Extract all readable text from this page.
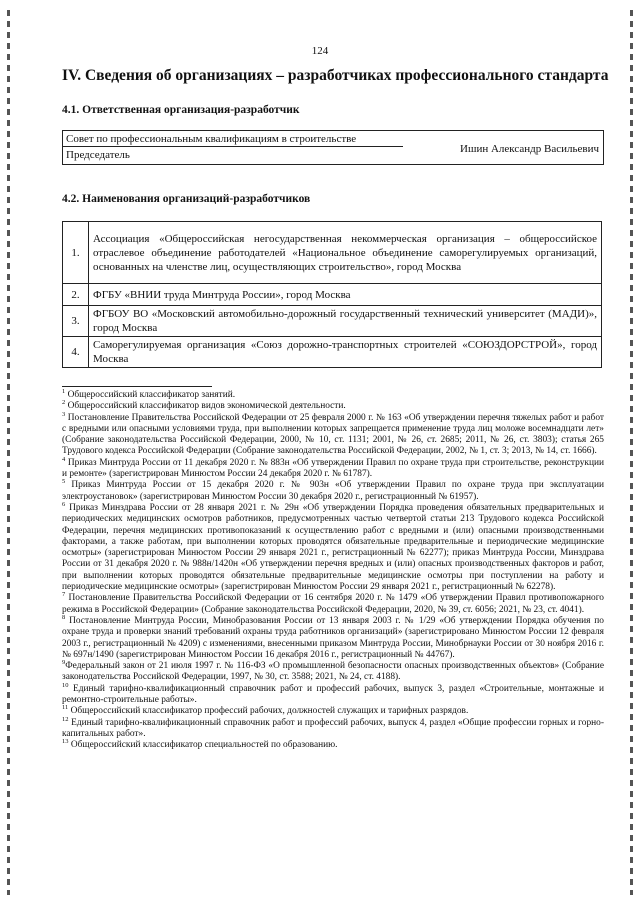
124
IV. Сведения об организациях – разработчиках профессионального стандарта
4.1. Ответственная организация-разработчик
Совет по профессиональным квалификациям в строительстве
Председатель	Ишин Александр Васильевич
4.2. Наименования организаций-разработчиков
1.	Ассоциация «Общероссийская негосударственная некоммерческая организация – общероссийское отраслевое объединение работодателей «Национальное объединение саморегулируемых организаций, основанных на членстве лиц, осуществляющих строительство», город Москва
2.	ФГБУ «ВНИИ труда Минтруда России», город Москва
3.	ФГБОУ ВО «Московский автомобильно-дорожный государственный технический университет (МАДИ)», город Москва
4.	Саморегулируемая организация «Союз дорожно-транспортных строителей «СОЮЗДОРСТРОЙ», город Москва

$^1$ Общероссийский классификатор занятий.

$^2$ Общероссийский классификатор видов экономической деятельности.

$^3$ Постановление Правительства Российской Федерации от 25 февраля 2000 г. № 163 «Об утверждении перечня тяжелых работ и работ с вредными или опасными условиями труда, при выполнении которых запрещается применение труда лиц моложе восемнадцати лет» (Собрание законодательства Российской Федерации, 2000, № 10, ст. 1131; 2001, № 26, ст. 2685; 2011, № 26, ст. 3803); статья 265 Трудового кодекса Российской Федерации (Собрание законодательства Российской Федерации, 2002, № 1, ст. 3; 2013, № 14, ст. 1666).

$^4$ Приказ Минтруда России от 11 декабря 2020 г. № 883н «Об утверждении Правил по охране труда при строительстве, реконструкции и ремонте» (зарегистрирован Минюстом России 24 декабря 2020 г. № 61787).

$^5$ Приказ Минтруда России от 15 декабря 2020 г. № 903н «Об утверждении Правил по охране труда при эксплуатации электроустановок» (зарегистрирован Минюстом России 30 декабря 2020 г., регистрационный № 61957).

$^6$ Приказ Минздрава России от 28 января 2021 г. № 29н «Об утверждении Порядка проведения обязательных предварительных и периодических медицинских осмотров работников, предусмотренных частью четвертой статьи 213 Трудового кодекса Российской Федерации, перечня медицинских противопоказаний к осуществлению работ с вредными и (или) опасными производственными факторами, а также работам, при выполнении которых проводятся обязательные предварительные и периодические медицинские осмотры» (зарегистрирован Минюстом России 29 января 2021 г., регистрационный № 62277); приказ Минтруда России, Минздрава России от 31 декабря 2020 г. № 988н/1420н «Об утверждении перечня вредных и (или) опасных производственных факторов и работ, при выполнении которых проводятся обязательные предварительные медицинские осмотры при поступлении на работу и периодические медицинские осмотры» (зарегистрирован Минюстом России 29 января 2021 г., регистрационный № 62278).

$^7$ Постановление Правительства Российской Федерации от 16 сентября 2020 г. № 1479 «Об утверждении Правил противопожарного режима в Российской Федерации» (Собрание законодательства Российской Федерации, 2020, № 39, ст. 6056; 2021, № 23, ст. 4041).

$^8$ Постановление Минтруда России, Минобразования России от 13 января 2003 г. № 1/29 «Об утверждении Порядка обучения по охране труда и проверки знаний требований охраны труда работников организаций» (зарегистрировано Минюстом России 12 февраля 2003 г., регистрационный № 4209) с изменениями, внесенными приказом Минтруда России, Минобрнауки России от 30 ноября 2016 г. № 697н/1490 (зарегистрирован Минюстом России 16 декабря 2016 г., регистрационный № 44767).

$^9$Федеральный закон от 21 июля 1997 г. № 116-ФЗ «О промышленной безопасности опасных производственных объектов» (Собрание законодательства Российской Федерации, 1997, № 30, ст. 3588; 2021, № 24, ст. 4188).

$^{10}$ Единый тарифно-квалификационный справочник работ и профессий рабочих, выпуск 3, раздел «Строительные, монтажные и ремонтно-строительные работы».

$^{11}$ Общероссийский классификатор профессий рабочих, должностей служащих и тарифных разрядов.

$^{12}$ Единый тарифно-квалификационный справочник работ и профессий рабочих, выпуск 4, раздел «Общие профессии горных и горно-капитальных работ».

$^{13}$ Общероссийский классификатор специальностей по образованию.
